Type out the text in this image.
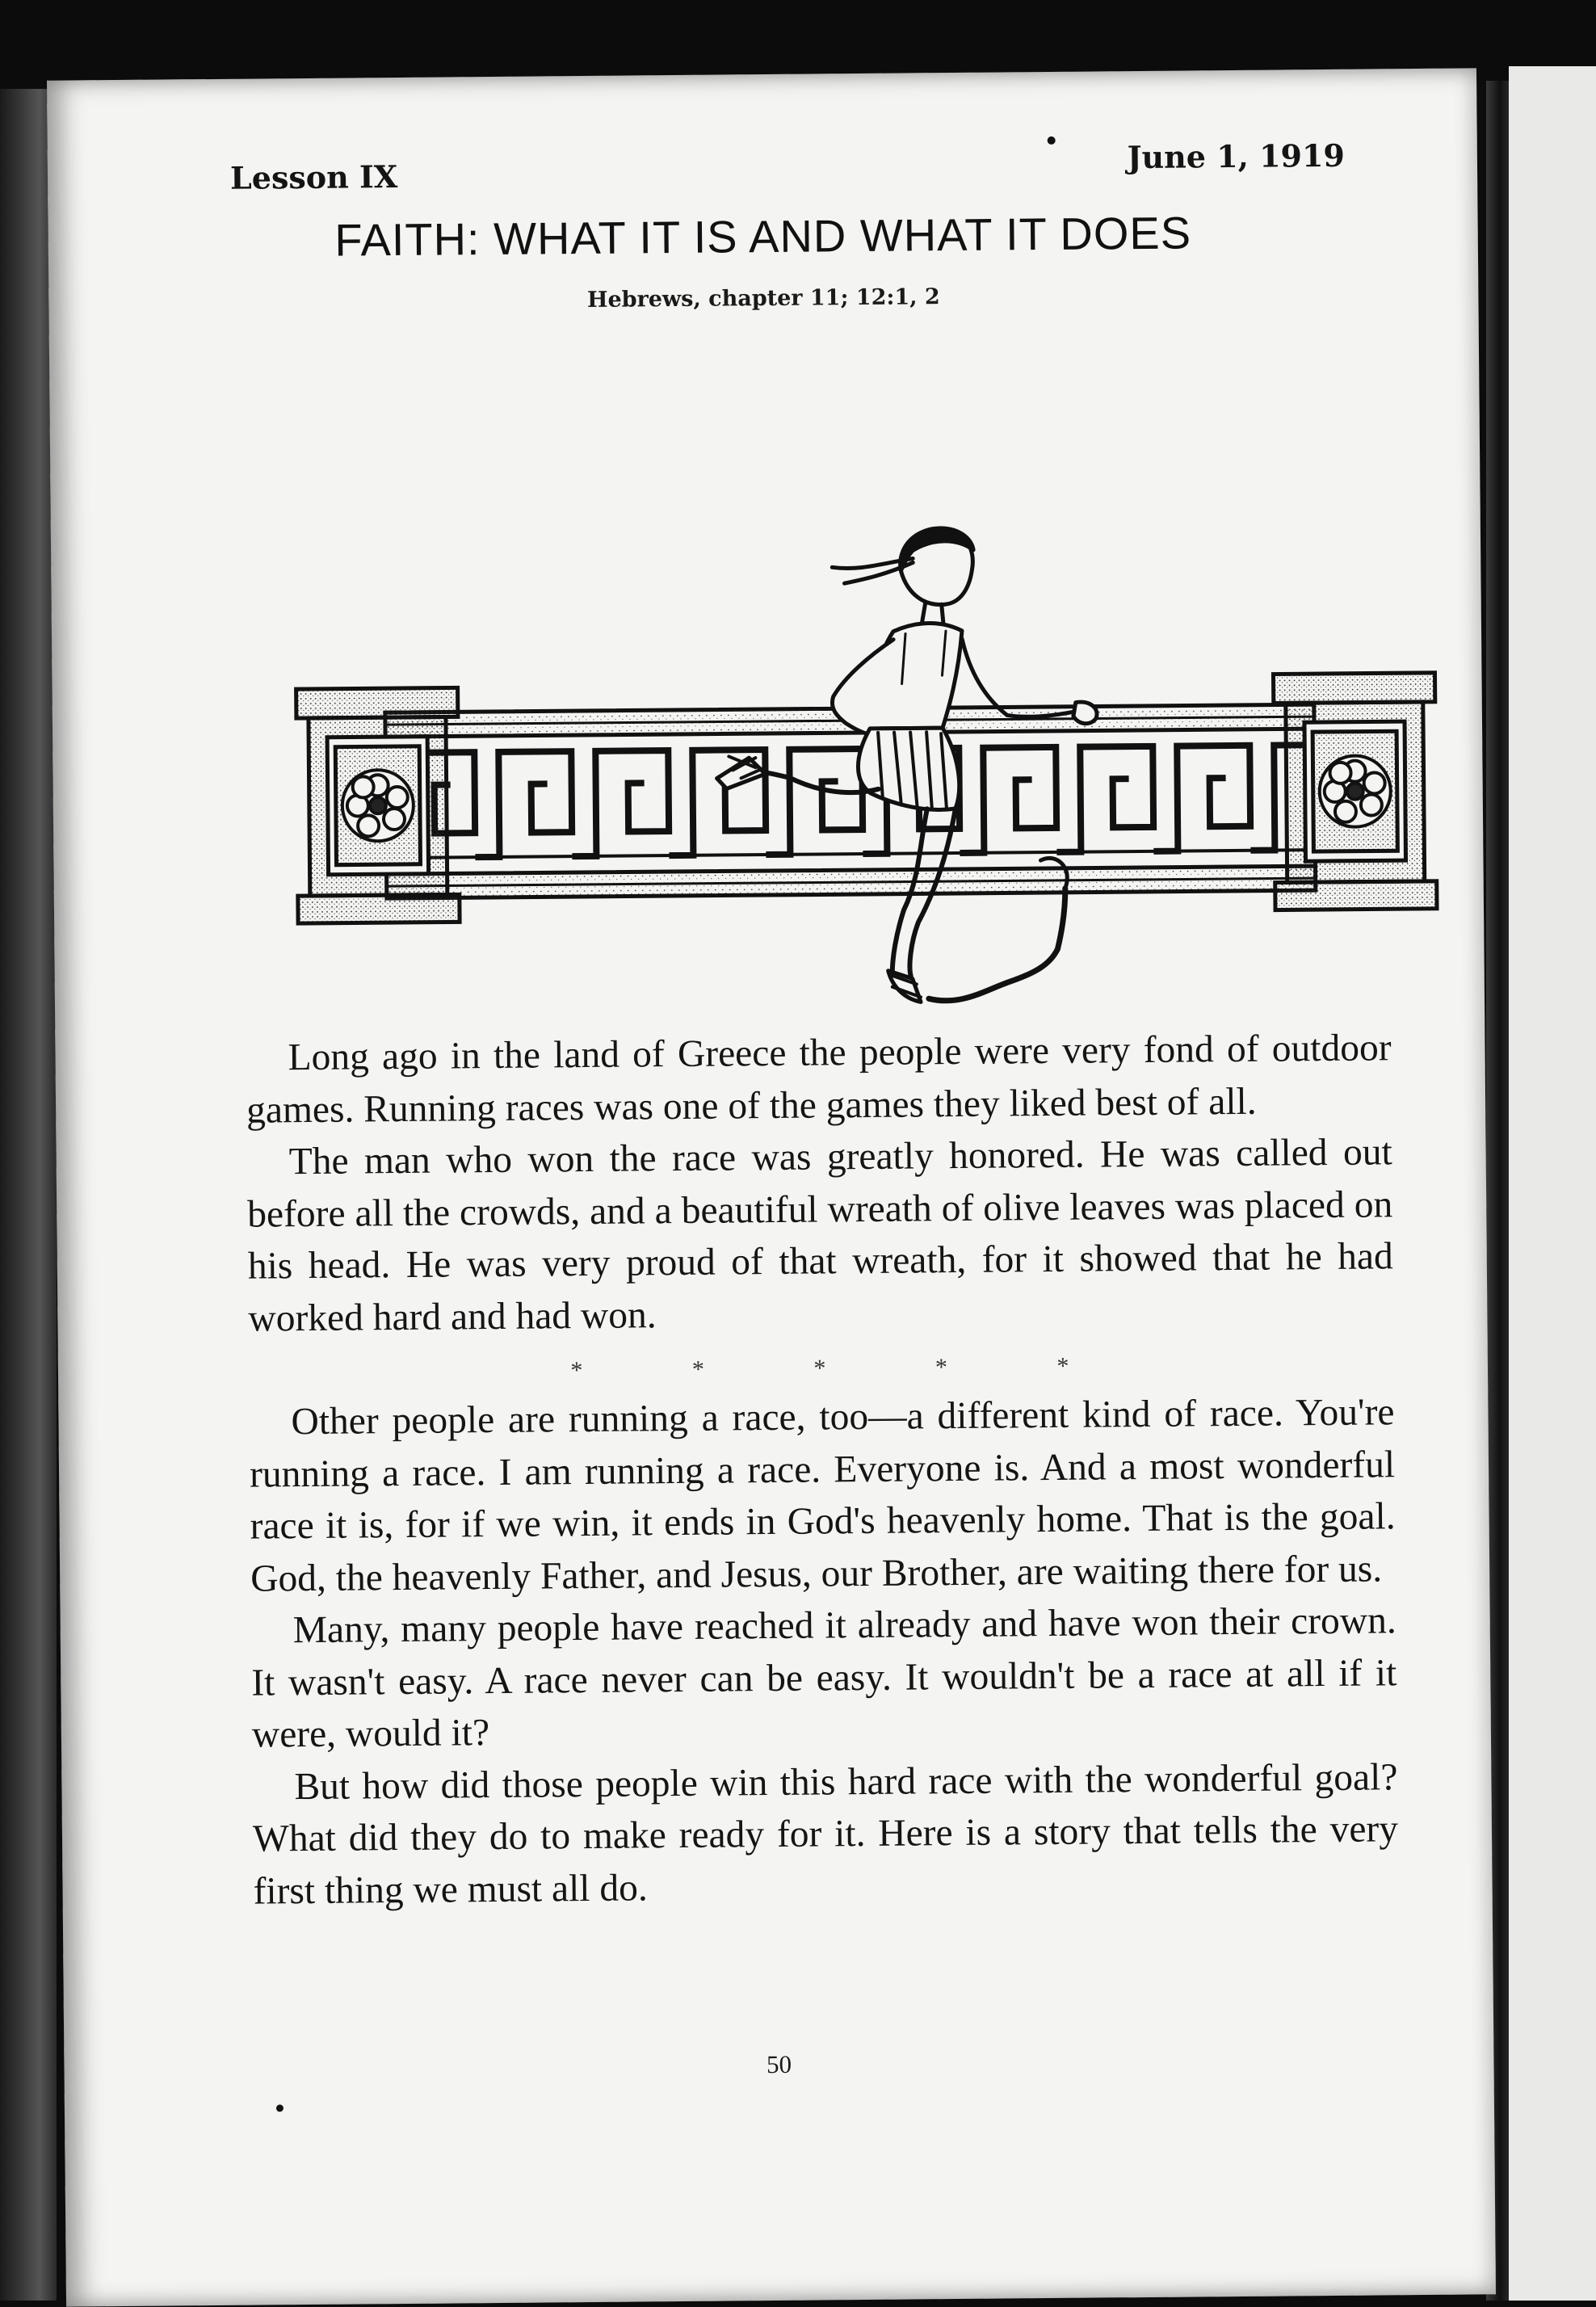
Lesson IX
June 1, 1919
FAITH: WHAT IT IS AND WHAT IT DOES
Hebrews, chapter 11; 12:1, 2

Long ago in the land of Greece the people were very fond of outdoor games. Running races was one of the games they liked best of all.

The man who won the race was greatly honored. He was called out before all the crowds, and a beautiful wreath of olive leaves was placed on his head. He was very proud of that wreath, for it showed that he had worked hard and had won.

* * * * *

Other people are running a race, too—a different kind of race. You're running a race. I am running a race. Everyone is. And a most wonderful race it is, for if we win, it ends in God's heavenly home. That is the goal. God, the heavenly Father, and Jesus, our Brother, are waiting there for us.

Many, many people have reached it already and have won their crown. It wasn't easy. A race never can be easy. It wouldn't be a race at all if it were, would it?

But how did those people win this hard race with the wonderful goal? What did they do to make ready for it. Here is a story that tells the very first thing we must all do.

50
